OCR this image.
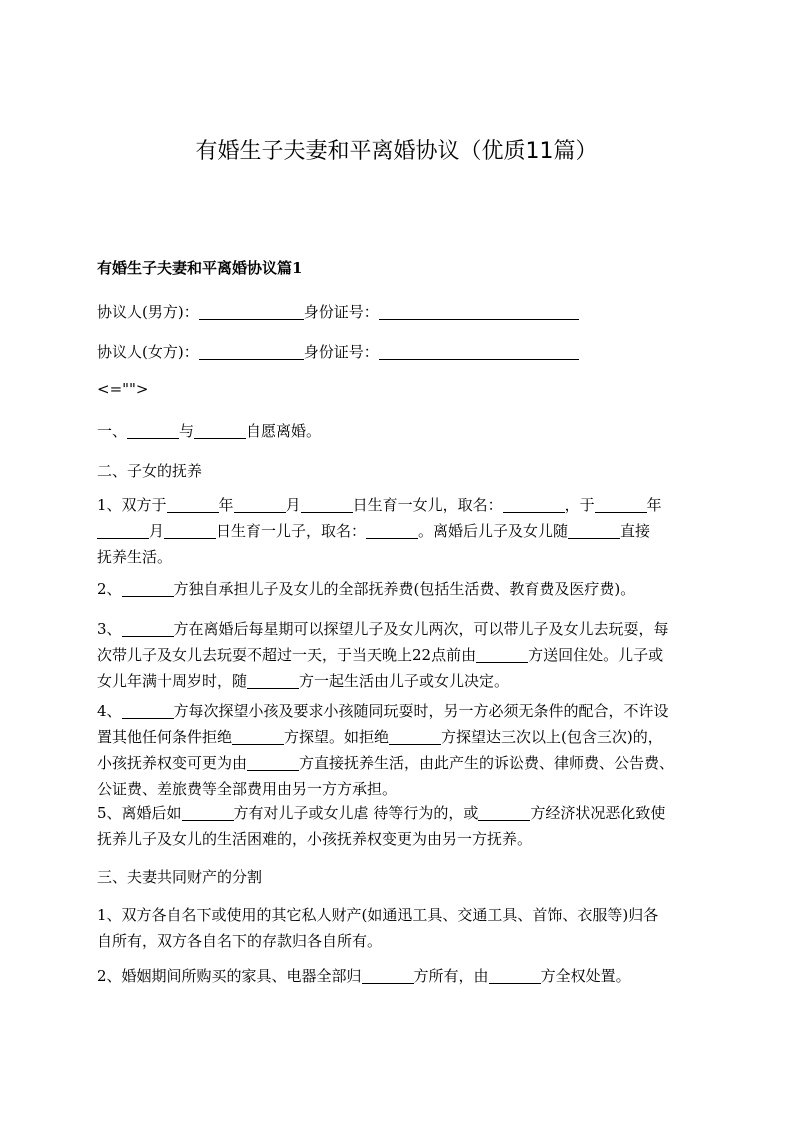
有婚生子夫妻和平离婚协议（优质11篇）
有婚生子夫妻和平离婚协议篇1

协议人(男方)：	身份证号：

协议人(女方)：	身份证号：

<="">

一、	与	自愿离婚。

二、子女的抚养

1、双方于	年	月	日生育一女儿，取名：	，于	年
月	日生育一儿子，取名：	。离婚后儿子及女儿随	直接
抚养生活。

2、	方独自承担儿子及女儿的全部抚养费(包括生活费、教育费及医疗费)。

3、	方在离婚后每星期可以探望儿子及女儿两次，可以带儿子及女儿去玩耍，每
次带儿子及女儿去玩耍不超过一天，于当天晚上22点前由	方送回住处。儿子或
女儿年满十周岁时，随	方一起生活由儿子或女儿决定。

4、	方每次探望小孩及要求小孩随同玩耍时，另一方必须无条件的配合，不许设
置其他任何条件拒绝	方探望。如拒绝	方探望达三次以上(包含三次)的，
小孩抚养权变可更为由	方直接抚养生活，由此产生的诉讼费、律师费、公告费、
公证费、差旅费等全部费用由另一方方承担。

5、离婚后如	方有对儿子或女儿虐 待等行为的，或	方经济状况恶化致使
抚养儿子及女儿的生活困难的，小孩抚养权变更为由另一方抚养。

三、夫妻共同财产的分割

1、双方各自名下或使用的其它私人财产(如通迅工具、交通工具、首饰、衣服等)归各
自所有，双方各自名下的存款归各自所有。

2、婚姻期间所购买的家具、电器全部归	方所有，由	方全权处置。
